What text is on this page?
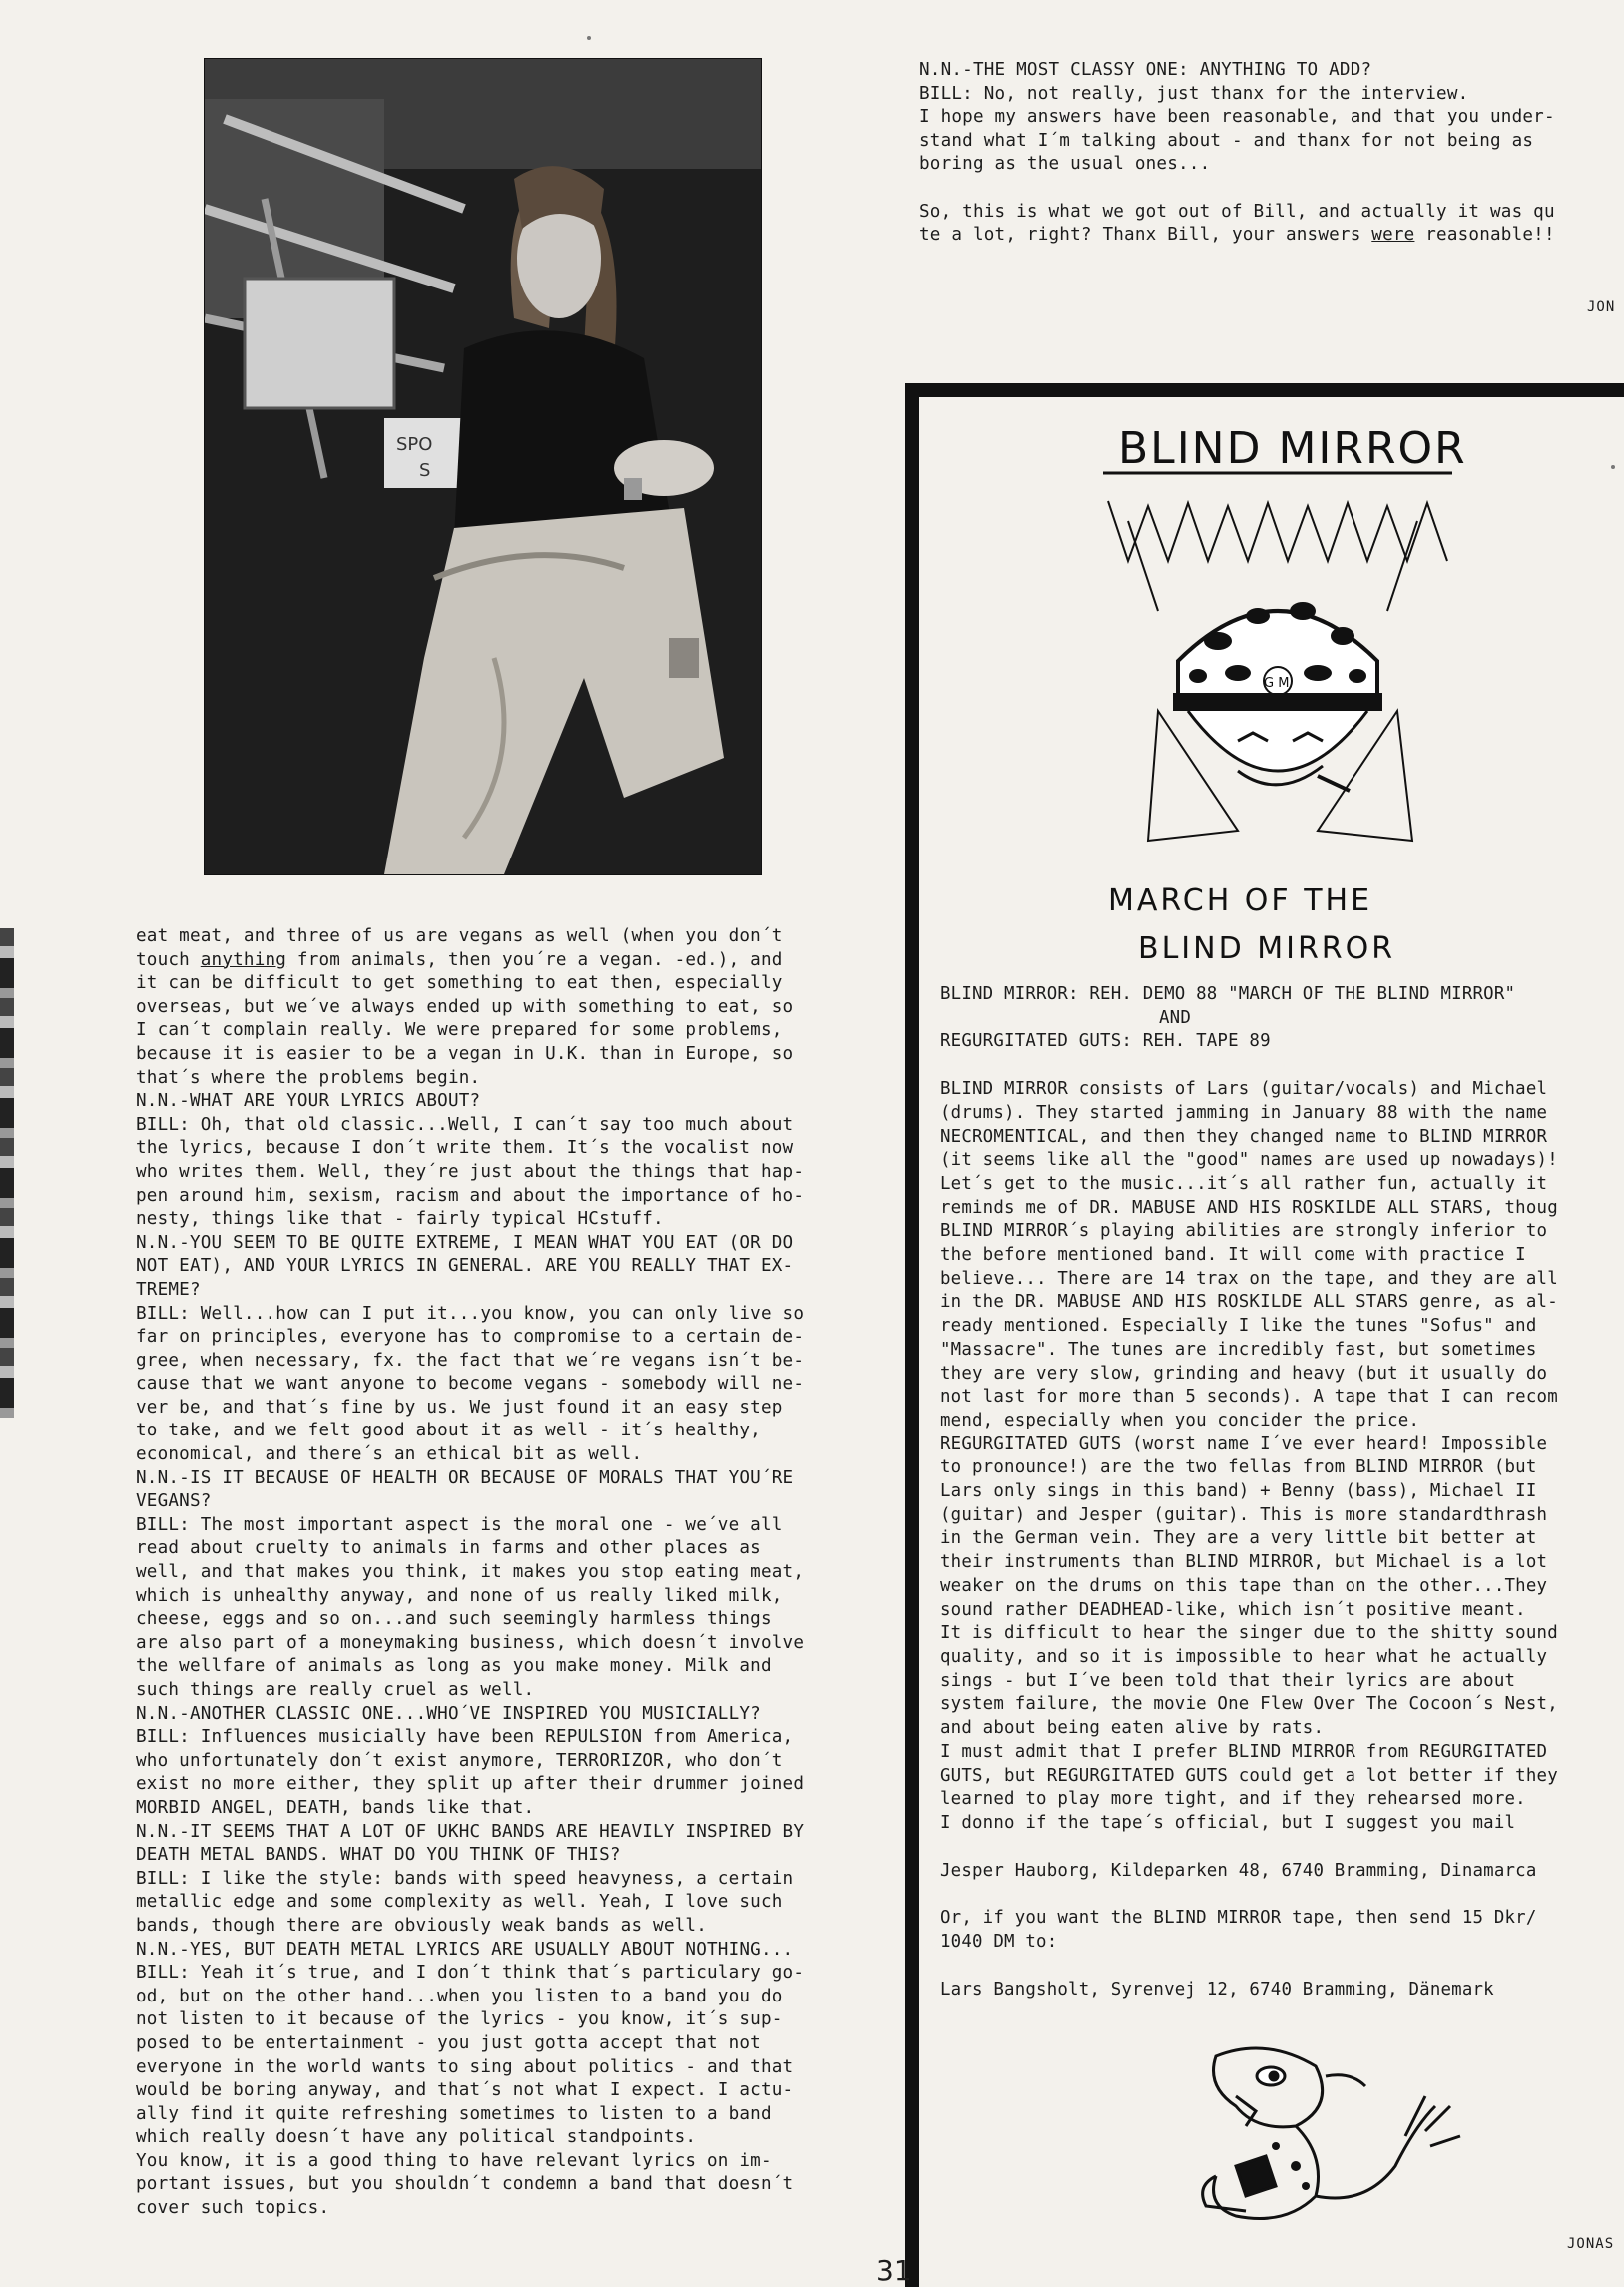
SPO
S

eat meat, and three of us are vegans as well (when you don´t

touch anything from animals, then you´re a vegan. -ed.), and

it can be difficult to get something to eat then, especially

overseas, but we´ve always ended up with something to eat, so

I can´t complain really. We were prepared for some problems,

because it is easier to be a vegan in U.K. than in Europe, so

that´s where the problems begin.

N.N.-WHAT ARE YOUR LYRICS ABOUT?

BILL: Oh, that old classic...Well, I can´t say too much about

the lyrics, because I don´t write them. It´s the vocalist now

who writes them. Well, they´re just about the things that hap-

pen around him, sexism, racism and about the importance of ho-

nesty, things like that - fairly typical HCstuff.

N.N.-YOU SEEM TO BE QUITE EXTREME, I MEAN WHAT YOU EAT (OR DO

NOT EAT), AND YOUR LYRICS IN GENERAL. ARE YOU REALLY THAT EX-

TREME?

BILL: Well...how can I put it...you know, you can only live so

far on principles, everyone has to compromise to a certain de-

gree, when necessary, fx. the fact that we´re vegans isn´t be-

cause that we want anyone to become vegans - somebody will ne-

ver be, and that´s fine by us. We just found it an easy step

to take, and we felt good about it as well - it´s healthy,

economical, and there´s an ethical bit as well.

N.N.-IS IT BECAUSE OF HEALTH OR BECAUSE OF MORALS THAT YOU´RE

VEGANS?

BILL: The most important aspect is the moral one - we´ve all

read about cruelty to animals in farms and other places as

well, and that makes you think, it makes you stop eating meat,

which is unhealthy anyway, and none of us really liked milk,

cheese, eggs and so on...and such seemingly harmless things

are also part of a moneymaking business, which doesn´t involve

the wellfare of animals as long as you make money. Milk and

such things are really cruel as well.

N.N.-ANOTHER CLASSIC ONE...WHO´VE INSPIRED YOU MUSICIALLY?

BILL: Influences musicially have been REPULSION from America,

who unfortunately don´t exist anymore, TERRORIZOR, who don´t

exist no more either, they split up after their drummer joined

MORBID ANGEL, DEATH, bands like that.

N.N.-IT SEEMS THAT A LOT OF UKHC BANDS ARE HEAVILY INSPIRED BY

DEATH METAL BANDS. WHAT DO YOU THINK OF THIS?

BILL: I like the style: bands with speed heavyness, a certain

metallic edge and some complexity as well. Yeah, I love such

bands, though there are obviously weak bands as well.

N.N.-YES, BUT DEATH METAL LYRICS ARE USUALLY ABOUT NOTHING...

BILL: Yeah it´s true, and I don´t think that´s particulary go-

od, but on the other hand...when you listen to a band you do

not listen to it because of the lyrics - you know, it´s sup-

posed to be entertainment - you just gotta accept that not

everyone in the world wants to sing about politics - and that

would be boring anyway, and that´s not what I expect. I actu-

ally find it quite refreshing sometimes to listen to a band

which really doesn´t have any political standpoints.

You know, it is a good thing to have relevant lyrics on im-

portant issues, but you shouldn´t condemn a band that doesn´t

cover such topics.

N.N.-THE MOST CLASSY ONE: ANYTHING TO ADD?

BILL: No, not really, just thanx for the interview.

I hope my answers have been reasonable, and that you under-

stand what I´m talking about - and thanx for not being as

boring as the usual ones...

So, this is what we got out of Bill, and actually it was qu

te a lot, right? Thanx Bill, your answers were reasonable!!

JON
BLIND MIRROR
G M
MARCH OF THE
BLIND MIRROR

BLIND MIRROR: REH. DEMO 88 "MARCH OF THE BLIND MIRROR"

AND

REGURGITATED GUTS: REH. TAPE 89

BLIND MIRROR consists of Lars (guitar/vocals) and Michael

(drums). They started jamming in January 88 with the name

NECROMENTICAL, and then they changed name to BLIND MIRROR

(it seems like all the "good" names are used up nowadays)!

Let´s get to the music...it´s all rather fun, actually it

reminds me of DR. MABUSE AND HIS ROSKILDE ALL STARS, thoug

BLIND MIRROR´s playing abilities are strongly inferior to

the before mentioned band. It will come with practice I

believe... There are 14 trax on the tape, and they are all

in the DR. MABUSE AND HIS ROSKILDE ALL STARS genre, as al-

ready mentioned. Especially I like the tunes "Sofus" and

"Massacre". The tunes are incredibly fast, but sometimes

they are very slow, grinding and heavy (but it usually do

not last for more than 5 seconds). A tape that I can recom

mend, especially when you concider the price.

REGURGITATED GUTS (worst name I´ve ever heard! Impossible

to pronounce!) are the two fellas from BLIND MIRROR (but

Lars only sings in this band) + Benny (bass), Michael II

(guitar) and Jesper (guitar). This is more standardthrash

in the German vein. They are a very little bit better at

their instruments than BLIND MIRROR, but Michael is a lot

weaker on the drums on this tape than on the other...They

sound rather DEADHEAD-like, which isn´t positive meant.

It is difficult to hear the singer due to the shitty sound

quality, and so it is impossible to hear what he actually

sings - but I´ve been told that their lyrics are about

system failure, the movie One Flew Over The Cocoon´s Nest,

and about being eaten alive by rats.

I must admit that I prefer BLIND MIRROR from REGURGITATED

GUTS, but REGURGITATED GUTS could get a lot better if they

learned to play more tight, and if they rehearsed more.

I donno if the tape´s official, but I suggest you mail

Jesper Hauborg, Kildeparken 48, 6740 Bramming, Dinamarca

Or, if you want the BLIND MIRROR tape, then send 15 Dkr/

1040 DM to:

Lars Bangsholt, Syrenvej 12, 6740 Bramming, Dänemark

JONAS
31
